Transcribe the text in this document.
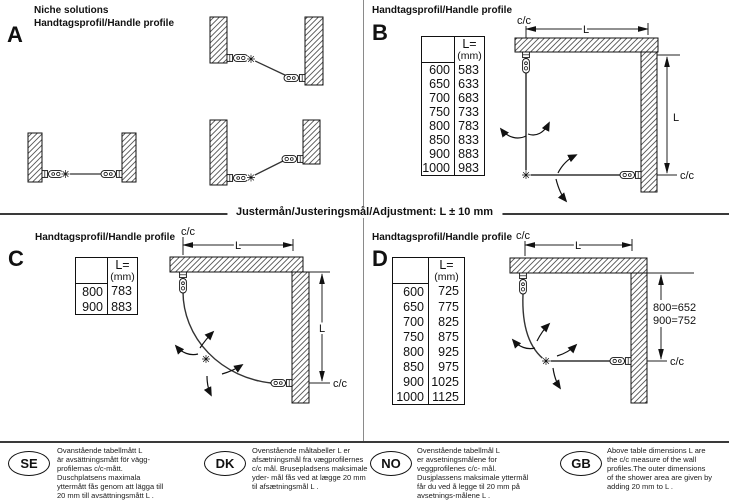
Justermån/Justeringsmål/Adjustment: L ± 10 mm
Niche solutions
Handtagsprofil/Handle profile
A
Handtagsprofil/Handle profile
B

	L=
(mm)

600	583
650	633
700	683
750	733
800	783
850	833
900	883
1000	983
c/c
L
L
c/c
Handtagsprofil/Handle profile
C

	L=
(mm)

800	783
900	883
c/c
L
L
c/c
Handtagsprofil/Handle profile
D

	L=
(mm)

600	725
650	775
700	825
750	875
800	925
850	975
900	1025
1000	1125
c/c
L
800=652
900=752
c/c
SE
Ovanstående tabellmått L
är avsättningsmått för vägg-
profilernas c/c-mått.
Duschplatsens maximala
yttermått fås genom att lägga till
20 mm till avsättningsmått L .
DK
Ovenstående måltabeller L er
afsætningsmål fra vægprofilernes
c/c mål. Brusepladsens maksimale
yder- mål fås ved at lægge 20 mm
til afsætningsmål L .
NO
Ovenstående tabellmål L
er avsetningsmålene for
veggprofilenes c/c- mål.
Dusjplassens maksimale yttermål
får du ved å legge til 20 mm på
avsetnings-målene L .
GB
Above table dimensions L are
the c/c measure of the wall
profiles.The outer dimensions
of the shower area are given by
adding 20 mm to L .
